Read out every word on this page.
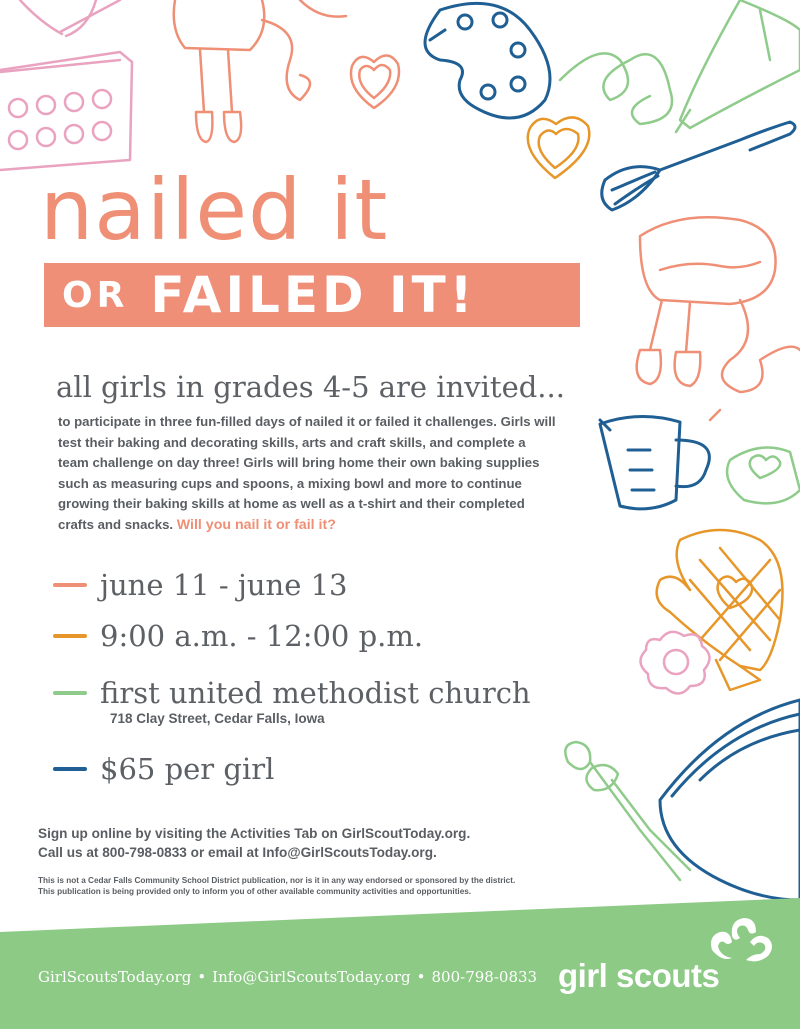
nailed it
OR FAILED IT!
all girls in grades 4-5 are invited...
to participate in three fun-filled days of nailed it or failed it challenges. Girls will test their baking and decorating skills, arts and craft skills, and complete a team challenge on day three! Girls will bring home their own baking supplies such as measuring cups and spoons, a mixing bowl and more to continue growing their baking skills at home as well as a t-shirt and their completed crafts and snacks. Will you nail it or fail it?
june 11 - june 13
9:00 a.m. - 12:00 p.m.
first united methodist church
718 Clay Street, Cedar Falls, Iowa
$65 per girl
Sign up online by visiting the Activities Tab on GirlScoutToday.org.
Call us at 800-798-0833 or email at Info@GirlScoutsToday.org.
This is not a Cedar Falls Community School District publication, nor is it in any way endorsed or sponsored by the district.
This publication is being provided only to inform you of other available community activities and opportunities.
GirlScoutsToday.org • Info@GirlScoutsToday.org • 800-798-0833 girl scouts
